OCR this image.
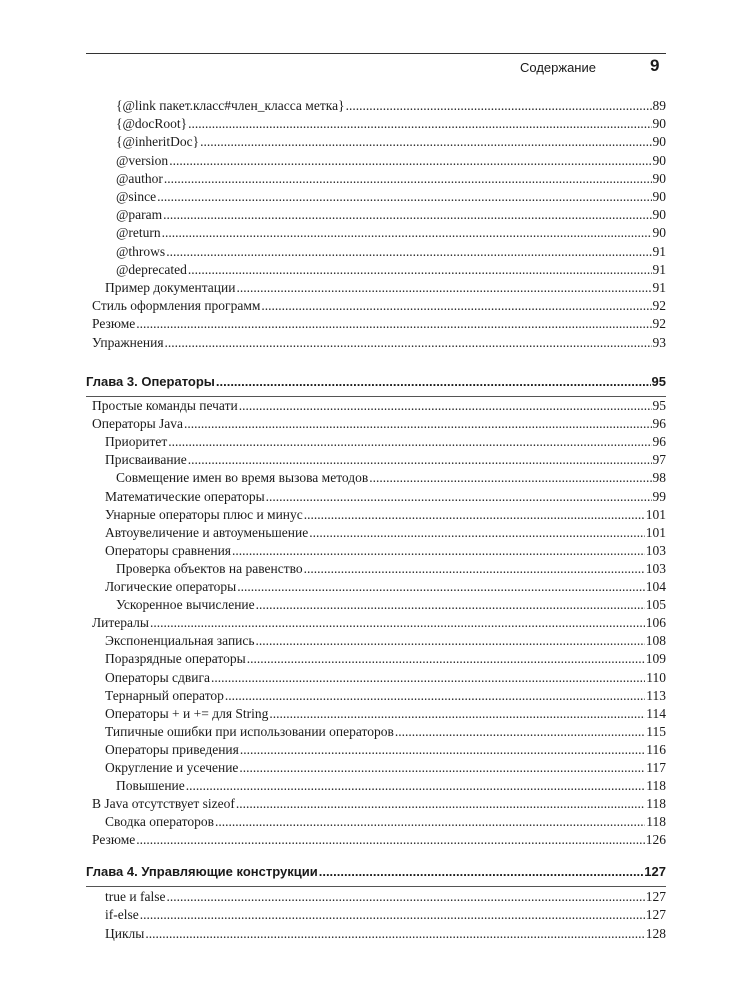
Содержание	9
{@link пакет.класс#член_класса метка} .....	89
{@docRoot} .....	90
{@inheritDoc} .....	90
@version .....	90
@author .....	90
@since .....	90
@param .....	90
@return .....	90
@throws .....	91
@deprecated .....	91
Пример документации .....	91
Стиль оформления программ .....	92
Резюме .....	92
Упражнения .....	93
Глава 3. Операторы .....	95
Простые команды печати .....	95
Операторы Java .....	96
Приоритет .....	96
Присваивание .....	97
Совмещение имен во время вызова методов .....	98
Математические операторы .....	99
Унарные операторы плюс и минус .....	101
Автоувеличение и автоуменьшение .....	101
Операторы сравнения .....	103
Проверка объектов на равенство .....	103
Логические операторы .....	104
Ускоренное вычисление .....	105
Литералы .....	106
Экспоненциальная запись .....	108
Поразрядные операторы .....	109
Операторы сдвига .....	110
Тернарный оператор .....	113
Операторы + и += для String .....	114
Типичные ошибки при использовании операторов .....	115
Операторы приведения .....	116
Округление и усечение .....	117
Повышение .....	118
В Java отсутствует sizeof .....	118
Сводка операторов .....	118
Резюме .....	126
Глава 4. Управляющие конструкции .....	127
true и false .....	127
if-else .....	127
Циклы .....	128
